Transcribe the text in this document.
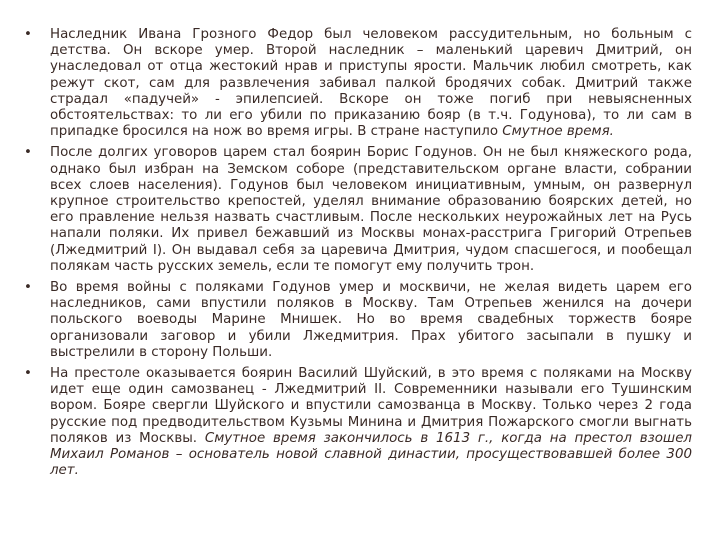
• Наследник Ивана Грозного Федор был человеком рассудительным, но больным с детства. Он вскоре умер. Второй наследник – маленький царевич Дмитрий, он унаследовал от отца жестокий нрав и приступы ярости. Мальчик любил смотреть, как режут скот, сам для развлечения забивал палкой бродячих собак. Дмитрий также страдал «падучей» - эпилепсией. Вскоре он тоже погиб при невыясненных обстоятельствах: то ли его убили по приказанию бояр (в т.ч. Годунова), то ли сам в припадке бросился на нож во время игры. В стране наступило Смутное время.
• После долгих уговоров царем стал боярин Борис Годунов. Он не был княжеского рода, однако был избран на Земском соборе (представительском органе власти, собрании всех слоев населения). Годунов был человеком инициативным, умным, он развернул крупное строительство крепостей, уделял внимание образованию боярских детей, но его правление нельзя назвать счастливым. После нескольких неурожайных лет на Русь напали поляки. Их привел бежавший из Москвы монах-расстрига Григорий Отрепьев (Лжедмитрий I). Он выдавал себя за царевича Дмитрия, чудом спасшегося, и пообещал полякам часть русских земель, если те помогут ему получить трон.
• Во время войны с поляками Годунов умер и москвичи, не желая видеть царем его наследников, сами впустили поляков в Москву. Там Отрепьев женился на дочери польского воеводы Марине Мнишек. Но во время свадебных торжеств бояре организовали заговор и убили Лжедмитрия. Прах убитого засыпали в пушку и выстрелили в сторону Польши.
• На престоле оказывается боярин Василий Шуйский, в это время с поляками на Москву идет еще один самозванец - Лжедмитрий II. Современники называли его Тушинским вором. Бояре свергли Шуйского и впустили самозванца в Москву. Только через 2 года русские под предводительством Кузьмы Минина и Дмитрия Пожарского смогли выгнать поляков из Москвы. Смутное время закончилось в 1613 г., когда на престол взошел Михаил Романов – основатель новой славной династии, просуществовавшей более 300 лет.
